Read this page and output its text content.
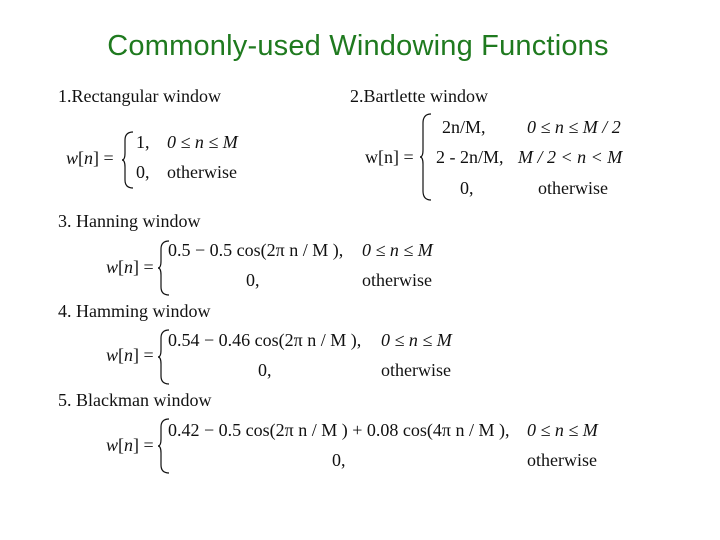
Commonly-used Windowing Functions
1.Rectangular window
w[n] =
1, 0 ≤ n ≤ M
0, otherwise
2.Bartlette window
w[n] =
2n/M, 0 ≤ n ≤ M / 2
2 - 2n/M, M / 2 < n < M
0,	otherwise
3. Hanning window
w[n] =
0.5 − 0.5 cos(2π n / M ), 0 ≤ n ≤ M
0,	otherwise
4. Hamming window
w[n] =
0.54 − 0.46 cos(2π n / M ), 0 ≤ n ≤ M
0,	otherwise
5. Blackman window
w[n] =
0.42 − 0.5 cos(2π n / M ) + 0.08 cos(4π n / M ), 0 ≤ n ≤ M
0,	otherwise
